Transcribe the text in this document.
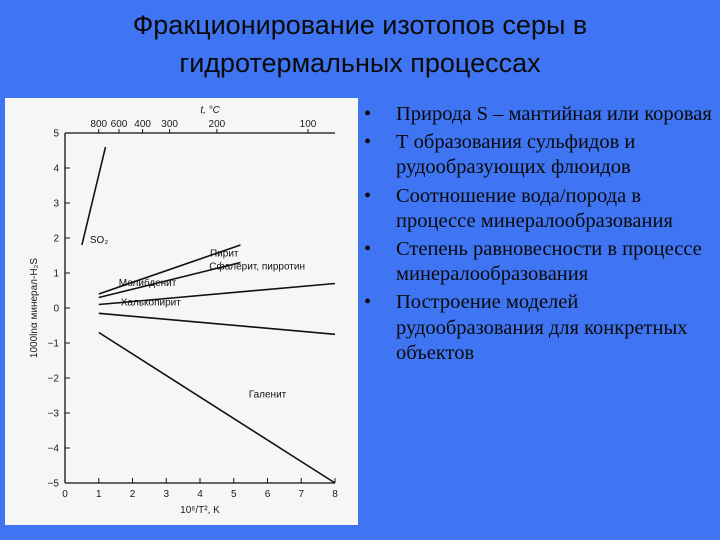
Фракционирование изотопов серы в
гидротермальных процессах
5
4
3
2
1
0
−1
−2
−3
−4
−5
0	1	2	3	4	5	6	7	8
800 600 400 300	200	100
t, °C
10⁶/T², K
1000lnα минерал-H₂S
SO₂
Молибденит
Пирит
Сфалерит, пирротин
Халькопирит
Галенит
• Природа S – мантийная или коровая
• Т образования сульфидов и рудообразующих флюидов
• Соотношение вода/порода в процессе минералообразования
• Степень равновесности в процессе минералообразования
• Построение моделей рудообразования для конкретных объектов
